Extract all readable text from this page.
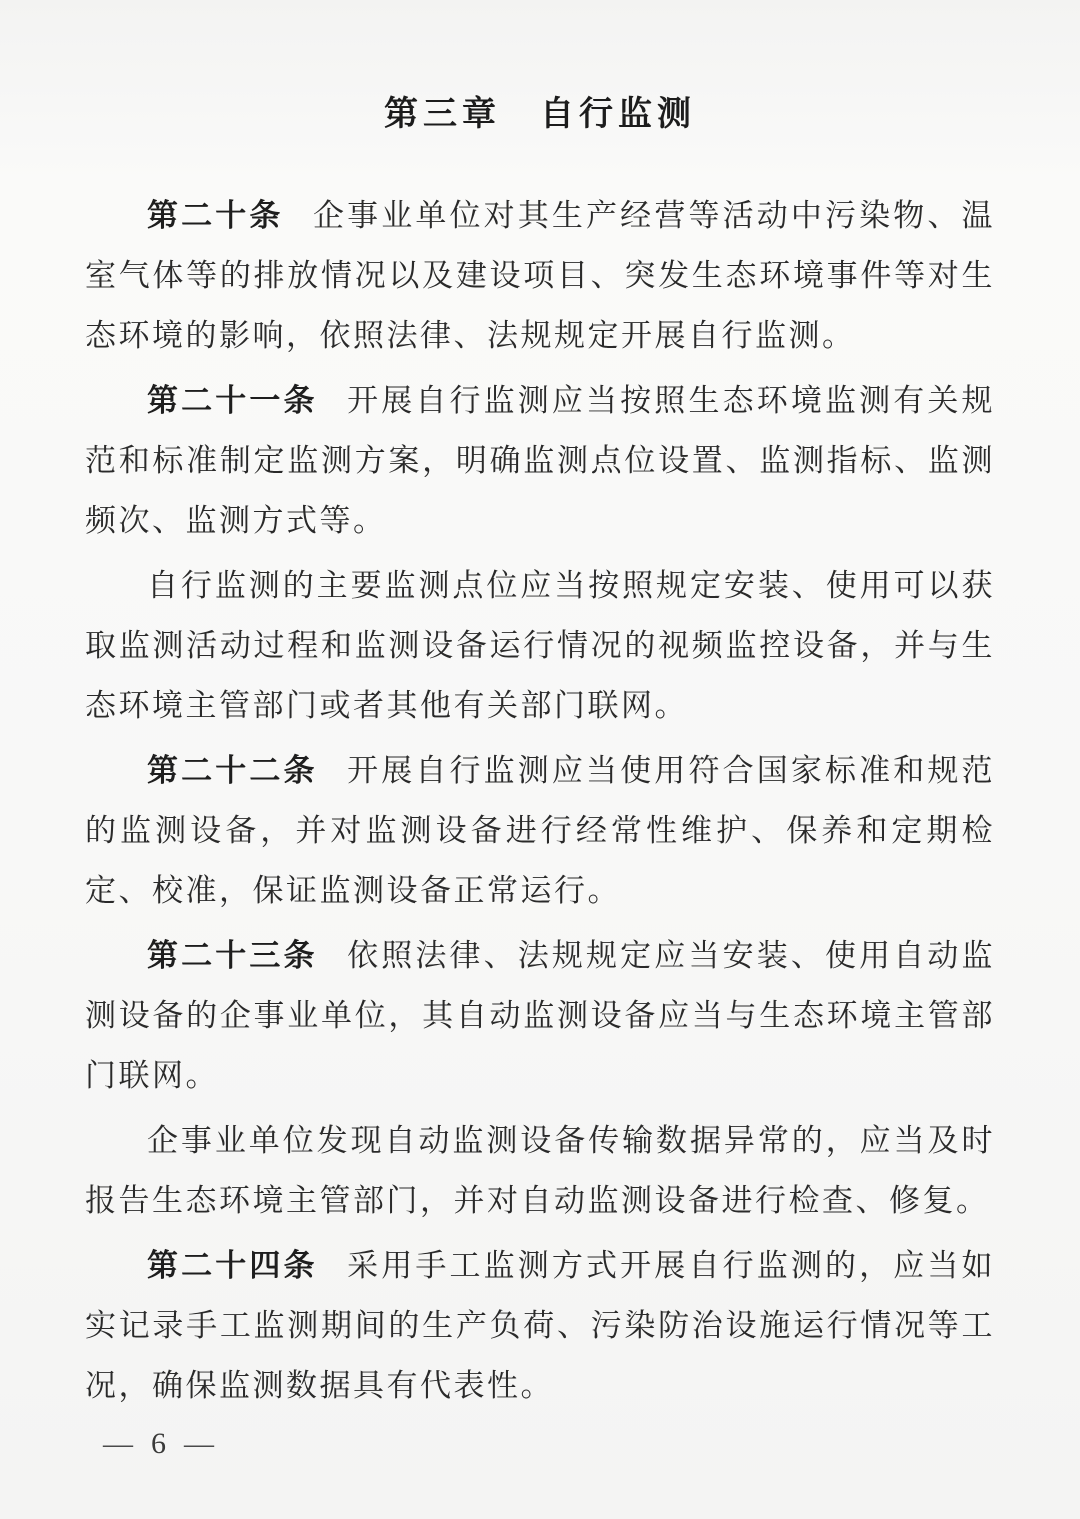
第三章　自行监测

第二十条 企事业单位对其生产经营等活动中污染物、温室气体等的排放情况以及建设项目、突发生态环境事件等对生态环境的影响，依照法律、法规规定开展自行监测。

第二十一条 开展自行监测应当按照生态环境监测有关规范和标准制定监测方案，明确监测点位设置、监测指标、监测频次、监测方式等。

自行监测的主要监测点位应当按照规定安装、使用可以获取监测活动过程和监测设备运行情况的视频监控设备，并与生态环境主管部门或者其他有关部门联网。

第二十二条 开展自行监测应当使用符合国家标准和规范的监测设备，并对监测设备进行经常性维护、保养和定期检定、校准，保证监测设备正常运行。

第二十三条 依照法律、法规规定应当安装、使用自动监测设备的企事业单位，其自动监测设备应当与生态环境主管部门联网。

企事业单位发现自动监测设备传输数据异常的，应当及时报告生态环境主管部门，并对自动监测设备进行检查、修复。

第二十四条 采用手工监测方式开展自行监测的，应当如实记录手工监测期间的生产负荷、污染防治设施运行情况等工况，确保监测数据具有代表性。

— 6 —
